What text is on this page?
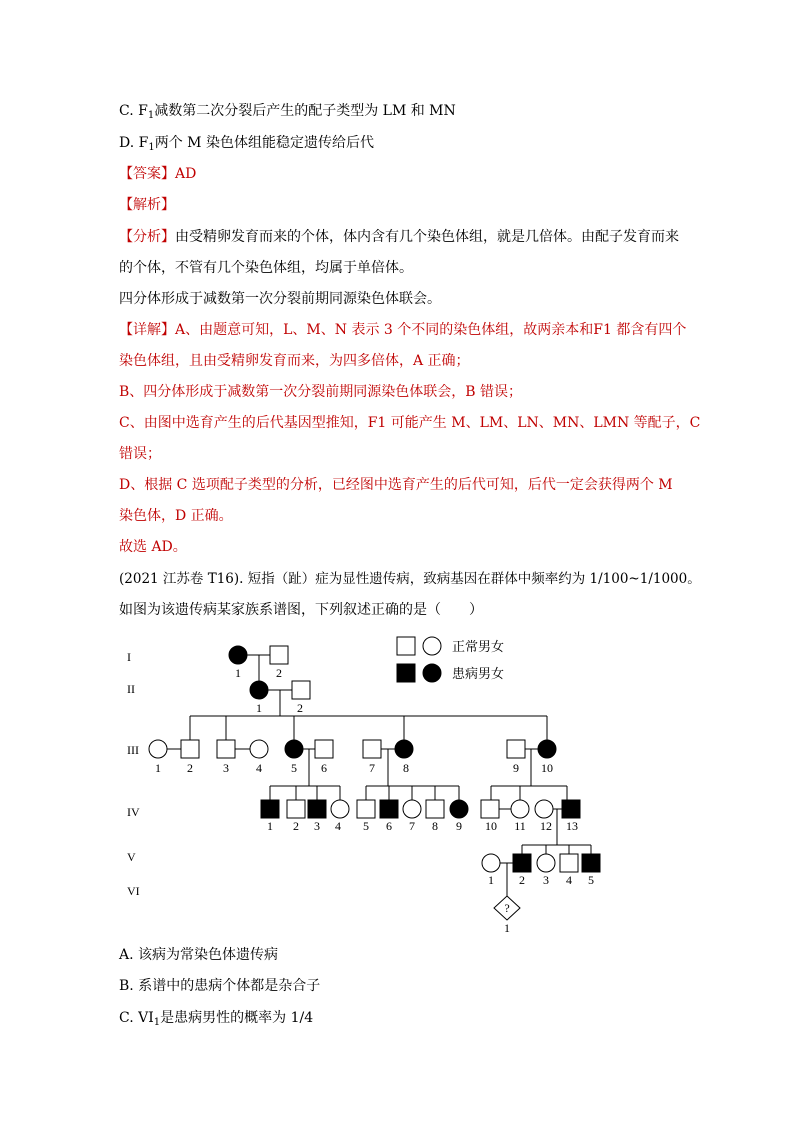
C. $F_1$减数第二次分裂后产生的配子类型为 LM 和 MN
D. $F_1$两个 M 染色体组能稳定遗传给后代
【答案】AD
【解析】
【分析】由受精卵发育而来的个体，体内含有几个染色体组，就是几倍体。由配子发育而来
的个体，不管有几个染色体组，均属于单倍体。
四分体形成于减数第一次分裂前期同源染色体联会。
【详解】A、由题意可知，L、M、N 表示 3 个不同的染色体组，故两亲本和F1 都含有四个
染色体组，且由受精卵发育而来，为四多倍体，A 正确；
B、四分体形成于减数第一次分裂前期同源染色体联会，B 错误；
C、由图中选育产生的后代基因型推知，F1 可能产生 M、LM、LN、MN、LMN 等配子，C
错误；
D、根据 C 选项配子类型的分析，已经图中选育产生的后代可知，后代一定会获得两个 M
染色体，D 正确。
故选 AD。
(2021 江苏卷 T16). 短指（趾）症为显性遗传病，致病基因在群体中频率约为 1/100~1/1000。
如图为该遗传病某家族系谱图，下列叙述正确的是（　　）
正常男女
患病男女
I
II
III
IV
V
VI
1	2
1	2
1 2	3 4 5 6	7 8	9 10
1 2 3 4 5 6 7 8 9 10 11 12 13
1 2 3 4 5
?
1
A. 该病为常染色体遗传病
B. 系谱中的患病个体都是杂合子
C. $VI_1$是患病男性的概率为 1/4
